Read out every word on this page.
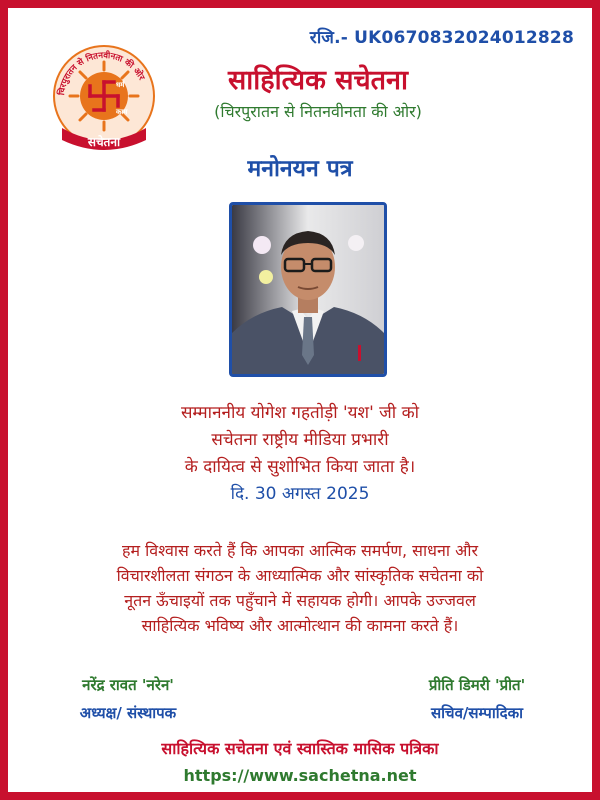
रजि.- UK0670832024012828
चिरपुरातन से नितनवीनता की ओर
धर्म
काम
सचेतना
साहित्यिक सचेतना
(चिरपुरातन से नितनवीनता की ओर)
मनोनयन पत्र
सम्माननीय योगेश गहतोड़ी 'यश' जी को
सचेतना राष्ट्रीय मीडिया प्रभारी
के दायित्व से सुशोभित किया जाता है।
दि. 30 अगस्त 2025
हम विश्वास करते हैं कि आपका आत्मिक समर्पण, साधना और
विचारशीलता संगठन के आध्यात्मिक और सांस्कृतिक सचेतना को
नूतन ऊँचाइयों तक पहुँचाने में सहायक होगी। आपके उज्जवल
साहित्यिक भविष्य और आत्मोत्थान की कामना करते हैं।
नरेंद्र रावत 'नरेन'
अध्यक्ष/ संस्थापक
प्रीति डिमरी 'प्रीत'
सचिव/सम्पादिका
साहित्यिक सचेतना एवं स्वास्तिक मासिक पत्रिका
https://www.sachetna.net
